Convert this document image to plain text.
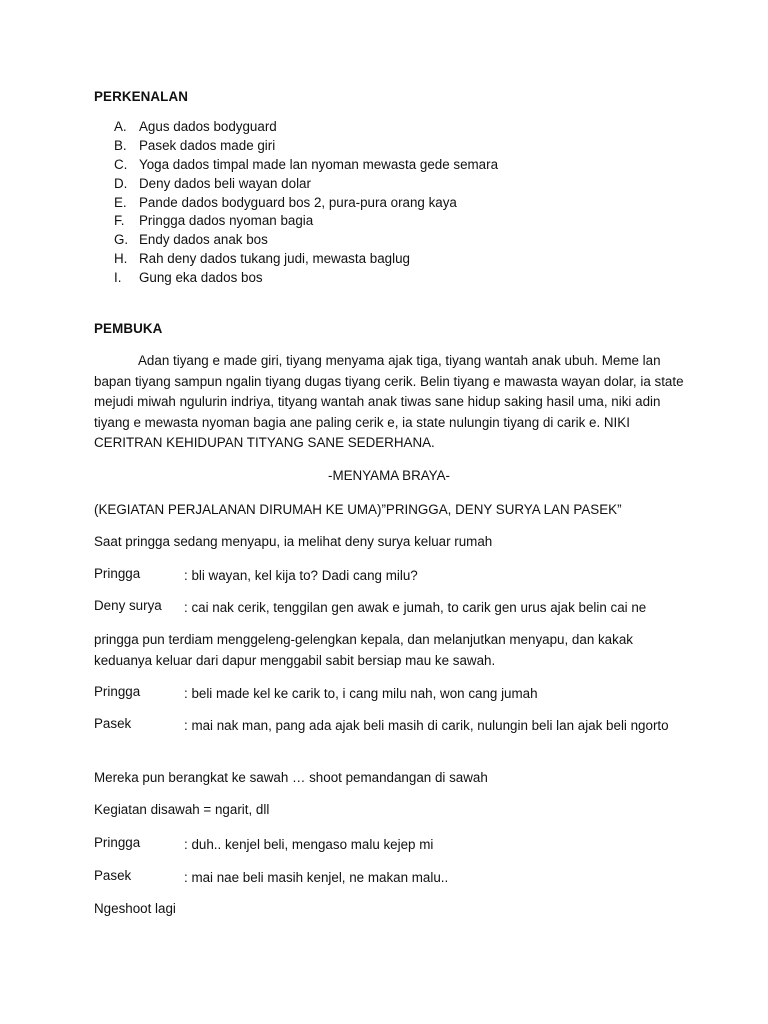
PERKENALAN
A. Agus dados bodyguard
B. Pasek dados made giri
C. Yoga dados timpal made lan nyoman mewasta gede semara
D. Deny dados beli wayan dolar
E. Pande dados bodyguard bos 2, pura-pura orang kaya
F. Pringga dados nyoman bagia
G. Endy dados anak bos
H. Rah deny dados tukang judi, mewasta baglug
I. Gung eka dados bos
PEMBUKA
Adan tiyang e made giri, tiyang menyama ajak tiga, tiyang wantah anak ubuh. Meme lan bapan tiyang sampun ngalin tiyang dugas tiyang cerik. Belin tiyang e mawasta wayan dolar, ia state mejudi miwah ngulurin indriya, tityang wantah anak tiwas sane hidup saking hasil uma, niki adin tiyang e mewasta nyoman bagia ane paling cerik e, ia state nulungin tiyang di carik e. NIKI CERITRAN KEHIDUPAN TITYANG SANE SEDERHANA.
-MENYAMA BRAYA-
(KEGIATAN PERJALANAN DIRUMAH KE UMA)”PRINGGA, DENY SURYA LAN PASEK”
Saat pringga sedang menyapu, ia melihat deny surya keluar rumah
Pringga	: bli wayan, kel kija to? Dadi cang milu?
Deny surya : cai nak cerik, tenggilan gen awak e jumah, to carik gen urus ajak belin cai ne
pringga pun terdiam menggeleng-gelengkan kepala, dan melanjutkan menyapu, dan kakak keduanya keluar dari dapur menggabil sabit bersiap mau ke sawah.
Pringga	: beli made kel ke carik to, i cang milu nah, won cang jumah
Pasek	: mai nak man, pang ada ajak beli masih di carik, nulungin beli lan ajak beli ngorto
Mereka pun berangkat ke sawah … shoot pemandangan di sawah
Kegiatan disawah = ngarit, dll
Pringga	: duh.. kenjel beli, mengaso malu kejep mi
Pasek	: mai nae beli masih kenjel, ne makan malu..
Ngeshoot lagi
